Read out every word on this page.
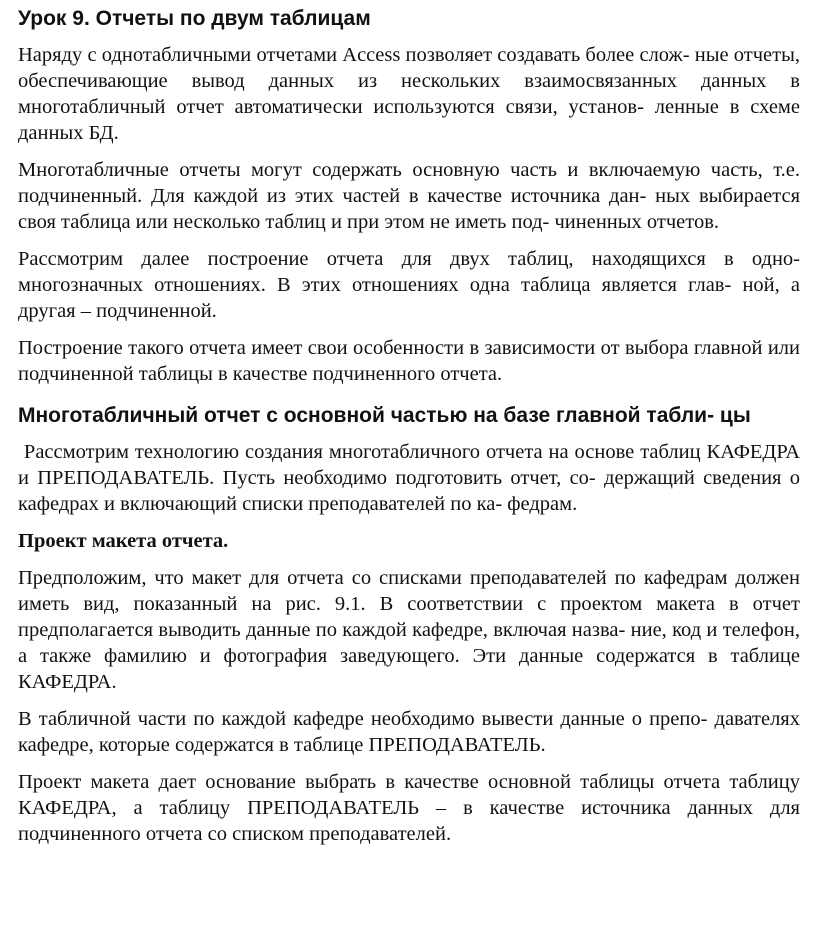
Урок 9. Отчеты по двум таблицам
Наряду с однотабличными отчетами Access позволяет создавать более слож- ные отчеты, обеспечивающие вывод данных из нескольких взаимосвязанных данных в многотабличный отчет автоматически используются связи, установ- ленные в схеме данных БД.
Многотабличные отчеты могут содержать основную часть и включаемую часть, т.е. подчиненный. Для каждой из этих частей в качестве источника дан- ных выбирается своя таблица или несколько таблиц и при этом не иметь под- чиненных отчетов.
Рассмотрим далее построение отчета для двух таблиц, находящихся в одно- многозначных отношениях. В этих отношениях одна таблица является глав- ной, а другая – подчиненной.
Построение такого отчета имеет свои особенности в зависимости от выбора главной или подчиненной таблицы в качестве подчиненного отчета.
Многотабличный отчет с основной частью на базе главной табли- цы
Рассмотрим технологию создания многотабличного отчета на основе таблиц КАФЕДРА и ПРЕПОДАВАТЕЛЬ. Пусть необходимо подготовить отчет, со- держащий сведения о кафедрах и включающий списки преподавателей по ка- федрам.
Проект макета отчета.
Предположим, что макет для отчета со списками преподавателей по кафедрам должен иметь вид, показанный на рис. 9.1. В соответствии с проектом макета в отчет предполагается выводить данные по каждой кафедре, включая назва- ние, код и телефон, а также фамилию и фотография заведующего. Эти данные содержатся в таблице КАФЕДРА.
В табличной части по каждой кафедре необходимо вывести данные о препо- давателях кафедре, которые содержатся в таблице ПРЕПОДАВАТЕЛЬ.
Проект макета дает основание выбрать в качестве основной таблицы отчета таблицу КАФЕДРА, а таблицу ПРЕПОДАВАТЕЛЬ – в качестве источника данных для подчиненного отчета со списком преподавателей.
